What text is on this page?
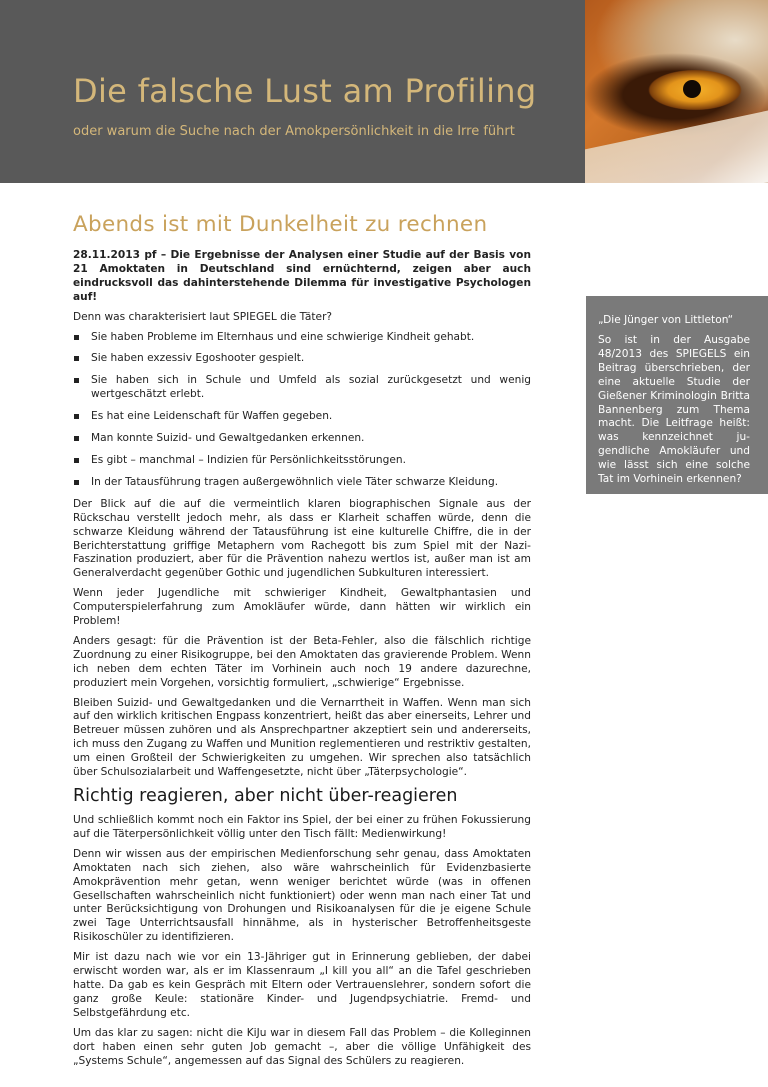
Die falsche Lust am Profiling
oder warum die Suche nach der Amokpersönlichkeit in die Irre führt
Abends ist mit Dunkelheit zu rechnen

28.11.2013 pf – Die Ergebnisse der Analysen einer Studie auf der Basis von 21 Amoktaten in Deutschland sind ernüchternd, zeigen aber auch eindrucksvoll das dahinterstehende Dilemma für investigative Psychologen auf!

Denn was charakterisiert laut SPIEGEL die Täter?

Sie haben Probleme im Elternhaus und eine schwierige Kindheit gehabt.
Sie haben exzessiv Egoshooter gespielt.
Sie haben sich in Schule und Umfeld als sozial zurückgesetzt und wenig wertgeschätzt erlebt.
Es hat eine Leidenschaft für Waffen gegeben.
Man konnte Suizid- und Gewaltgedanken erkennen.
Es gibt – manchmal – Indizien für Persönlichkeitsstörungen.
In der Tatausführung tragen außergewöhnlich viele Täter schwarze Kleidung.

Der Blick auf die auf die vermeintlich klaren biographischen Signale aus der Rückschau verstellt jedoch mehr, als dass er Klarheit schaffen würde, denn die schwarze Kleidung während der Tatausführung ist eine kulturelle Chiffre, die in der Berichterstattung griffige Metaphern vom Rachegott bis zum Spiel mit der Nazi-Faszination produziert, aber für die Prävention nahezu wertlos ist, außer man ist am Generalverdacht gegenüber Gothic und jugendlichen Subkulturen interessiert.

Wenn jeder Jugendliche mit schwieriger Kindheit, Gewaltphantasien und Computerspielerfahrung zum Amokläufer würde, dann hätten wir wirklich ein Problem!

Anders gesagt: für die Prävention ist der Beta-Fehler, also die fälschlich richtige Zuordnung zu einer Risikogruppe, bei den Amoktaten das gravierende Problem. Wenn ich neben dem echten Täter im Vorhinein auch noch 19 andere dazurechne, produziert mein Vorgehen, vorsichtig formuliert, „schwierige“ Ergebnisse.

Bleiben Suizid- und Gewaltgedanken und die Vernarrtheit in Waffen. Wenn man sich auf den wirklich kritischen Engpass konzentriert, heißt das aber einerseits, Lehrer und Betreuer müssen zuhören und als Ansprechpartner akzeptiert sein und andererseits, ich muss den Zugang zu Waffen und Munition reglementieren und restriktiv gestalten, um einen Großteil der Schwierigkeiten zu umgehen. Wir sprechen also tatsächlich über Schulsozialarbeit und Waffengesetzte, nicht über „Täterpsychologie“.

Richtig reagieren, aber nicht über-reagieren

Und schließlich kommt noch ein Faktor ins Spiel, der bei einer zu frühen Fokussierung auf die Täterpersönlichkeit völlig unter den Tisch fällt: Medienwirkung!

Denn wir wissen aus der empirischen Medienforschung sehr genau, dass Amoktaten Amoktaten nach sich ziehen, also wäre wahrscheinlich für Evidenzbasierte Amokprävention mehr getan, wenn weniger berichtet würde (was in offenen Gesellschaften wahrscheinlich nicht funktioniert) oder wenn man nach einer Tat und unter Berücksichtigung von Drohungen und Risikoanalysen für die je eigene Schule zwei Tage Unterrichtsausfall hinnähme, als in hysterischer Betroffenheitsgeste Risikoschüler zu identifizieren.

Mir ist dazu nach wie vor ein 13-Jähriger gut in Erinnerung geblieben, der dabei erwischt worden war, als er im Klassenraum „I kill you all“ an die Tafel geschrieben hatte. Da gab es kein Gespräch mit Eltern oder Vertrauenslehrer, sondern sofort die ganz große Keule: stationäre Kinder- und Jugendpsychiatrie. Fremd- und Selbstgefährdung etc.

Um das klar zu sagen: nicht die KiJu war in diesem Fall das Problem – die Kolleginnen dort haben einen sehr guten Job gemacht –, aber die völlige Unfähigkeit des „Systems Schule“, angemessen auf das Signal des Schülers zu reagieren.

„Die Jünger von Littleton“

So ist in der Ausgabe 48/2013 des SPIEGELS ein Beitrag überschrieben, der eine aktuelle Studie der Gießener Kriminologin Britta Bannenberg zum Thema macht. Die Leitfrage heißt: was kennzeichnet jugendliche Amokläufer und wie lässt sich eine solche Tat im Vorhinein erkennen?
